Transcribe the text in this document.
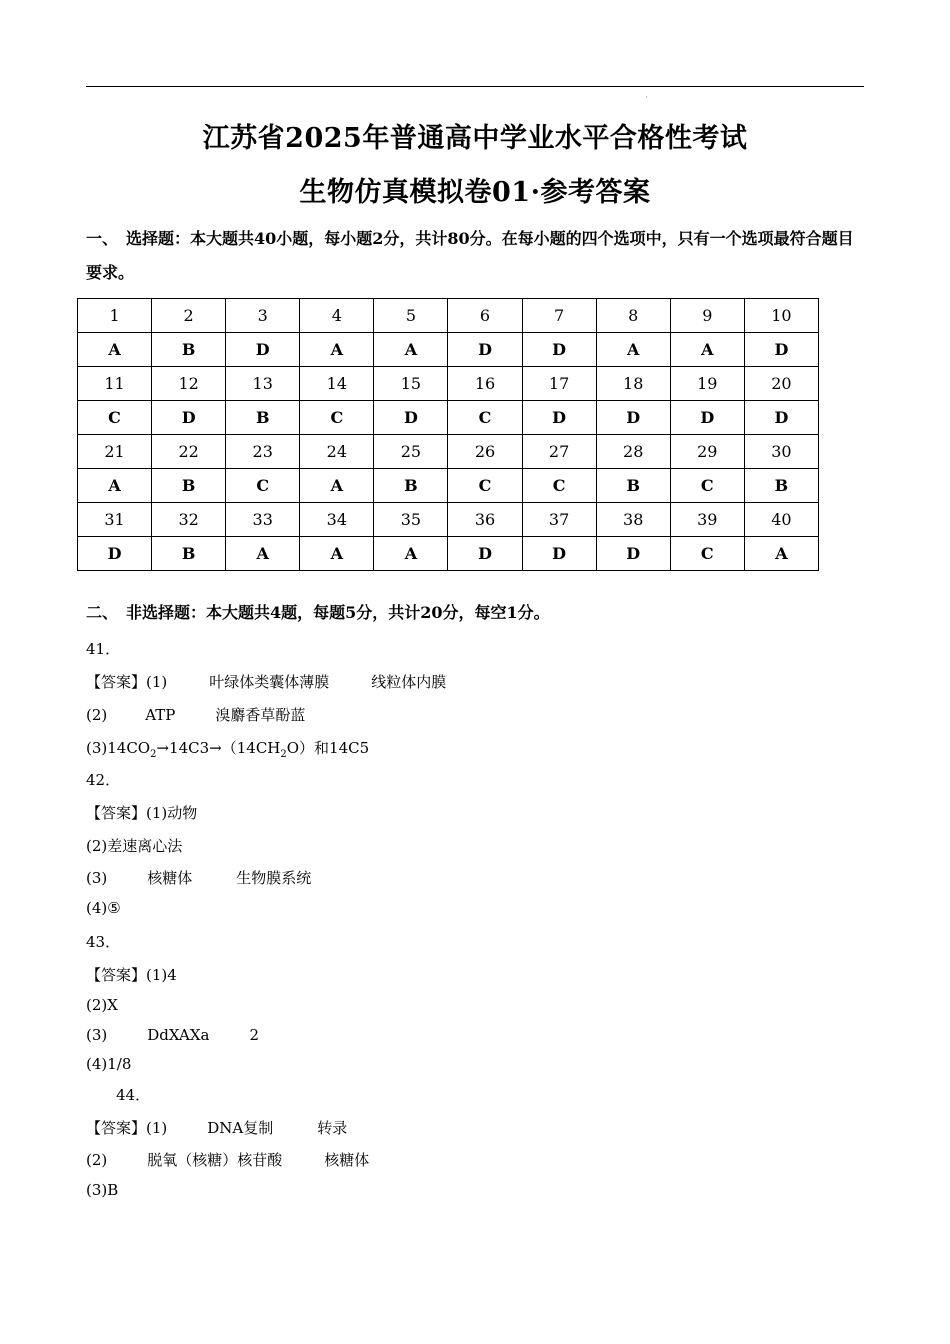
'
江苏省2025年普通高中学业水平合格性考试
生物仿真模拟卷01·参考答案
一、　选择题：本大题共40小题，每小题2分，共计80分。在每小题的四个选项中，只有一个选项最符合题目要求。
1	2	3	4	5	6	7	8	9	10
A	B	D	A	A	D	D	A	A	D
11	12	13	14	15	16	17	18	19	20
C	D	B	C	D	C	D	D	D	D
21	22	23	24	25	26	27	28	29	30
A	B	C	A	B	C	C	B	C	B
31	32	33	34	35	36	37	38	39	40
D	B	A	A	A	D	D	D	C	A
二、　非选择题：本大题共4题，每题5分，共计20分，每空1分。
41．
【答案】(1)	叶绿体类囊体薄膜	线粒体内膜
(2)	ATP	溴麝香草酚蓝
$(3)14CO_2\to 14C3\to(14CH_2O)$和14C5
42．
【答案】(1)动物
(2)差速离心法
(3)	核糖体	生物膜系统
(4)⑤
43．
【答案】(1)4
(2)X
(3)	DdXAXa	2
(4)1/8
44．
【答案】(1)	DNA复制	转录
(2)	脱氧（核糖）核苷酸	核糖体
(3)B
